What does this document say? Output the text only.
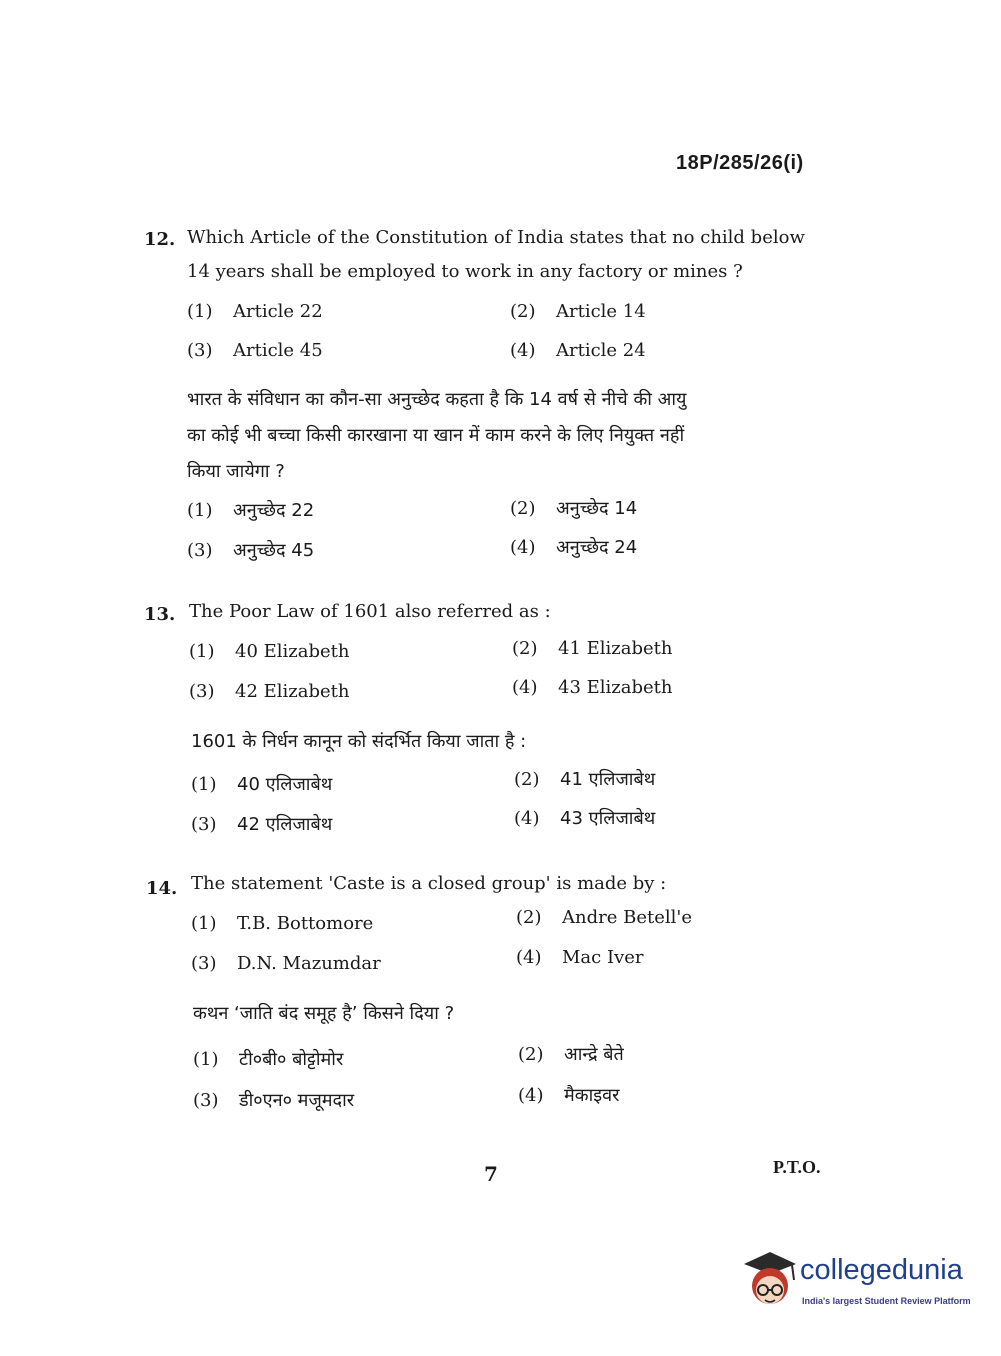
18P/285/26(i)
12. Which Article of the Constitution of India states that no child below
14 years shall be employed to work in any factory or mines ?
(1) Article 22	(2) Article 14
(3) Article 45	(4) Article 24
भारत के संविधान का कौन-सा अनुच्छेद कहता है कि 14 वर्ष से नीचे की आयु
का कोई भी बच्चा किसी कारखाना या खान में काम करने के लिए नियुक्त नहीं
किया जायेगा ?
(1) अनुच्छेद 22	(2) अनुच्छेद 14
(3) अनुच्छेद 45	(4) अनुच्छेद 24
13. The Poor Law of 1601 also referred as :
(1) 40 Elizabeth	(2) 41 Elizabeth
(3) 42 Elizabeth	(4) 43 Elizabeth
1601 के निर्धन कानून को संदर्भित किया जाता है :
(1) 40 एलिजाबेथ	(2) 41 एलिजाबेथ
(3) 42 एलिजाबेथ	(4) 43 एलिजाबेथ
14. The statement 'Caste is a closed group' is made by :
(1) T.B. Bottomore	(2) Andre Betell'e
(3) D.N. Mazumdar	(4) Mac Iver
कथन ‘जाति बंद समूह है’ किसने दिया ?
(1) टी०बी० बोट्टोमोर	(2) आन्द्रे बेते
(3) डी०एन० मजूमदार	(4) मैकाइवर
7	P.T.O.
collegedunia
India's largest Student Review Platform
